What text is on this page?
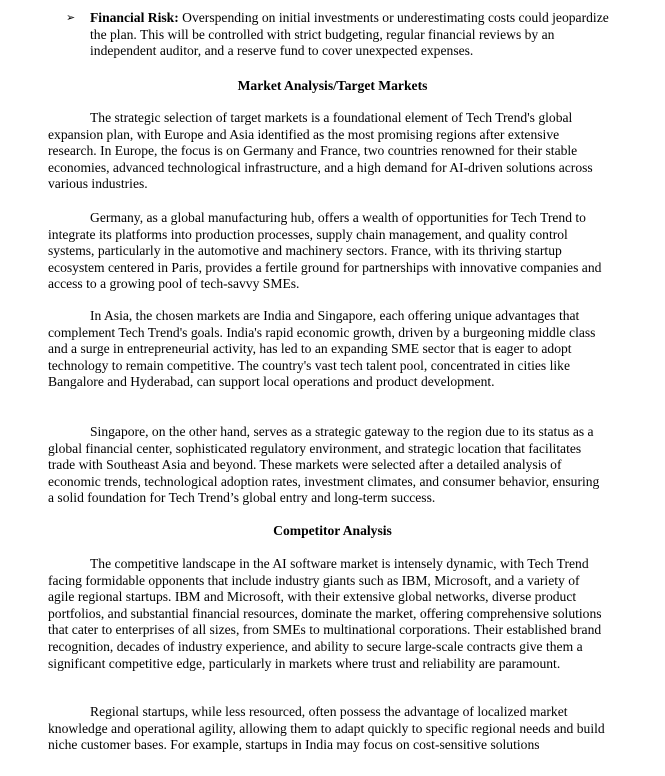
➢ Financial Risk: Overspending on initial investments or underestimating costs could jeopardize the plan. This will be controlled with strict budgeting, regular financial reviews by an independent auditor, and a reserve fund to cover unexpected expenses.
Market Analysis/Target Markets

The strategic selection of target markets is a foundational element of Tech Trend's global expansion plan, with Europe and Asia identified as the most promising regions after extensive research. In Europe, the focus is on Germany and France, two countries renowned for their stable economies, advanced technological infrastructure, and a high demand for AI-driven solutions across various industries.

Germany, as a global manufacturing hub, offers a wealth of opportunities for Tech Trend to integrate its platforms into production processes, supply chain management, and quality control systems, particularly in the automotive and machinery sectors. France, with its thriving startup ecosystem centered in Paris, provides a fertile ground for partnerships with innovative companies and access to a growing pool of tech-savvy SMEs.

In Asia, the chosen markets are India and Singapore, each offering unique advantages that complement Tech Trend's goals. India's rapid economic growth, driven by a burgeoning middle class and a surge in entrepreneurial activity, has led to an expanding SME sector that is eager to adopt technology to remain competitive. The country's vast tech talent pool, concentrated in cities like Bangalore and Hyderabad, can support local operations and product development.

Singapore, on the other hand, serves as a strategic gateway to the region due to its status as a global financial center, sophisticated regulatory environment, and strategic location that facilitates trade with Southeast Asia and beyond. These markets were selected after a detailed analysis of economic trends, technological adoption rates, investment climates, and consumer behavior, ensuring a solid foundation for Tech Trend’s global entry and long-term success.

Competitor Analysis

The competitive landscape in the AI software market is intensely dynamic, with Tech Trend facing formidable opponents that include industry giants such as IBM, Microsoft, and a variety of agile regional startups. IBM and Microsoft, with their extensive global networks, diverse product portfolios, and substantial financial resources, dominate the market, offering comprehensive solutions that cater to enterprises of all sizes, from SMEs to multinational corporations. Their established brand recognition, decades of industry experience, and ability to secure large-scale contracts give them a significant competitive edge, particularly in markets where trust and reliability are paramount.

Regional startups, while less resourced, often possess the advantage of localized market knowledge and operational agility, allowing them to adapt quickly to specific regional needs and build niche customer bases. For example, startups in India may focus on cost-sensitive solutions
